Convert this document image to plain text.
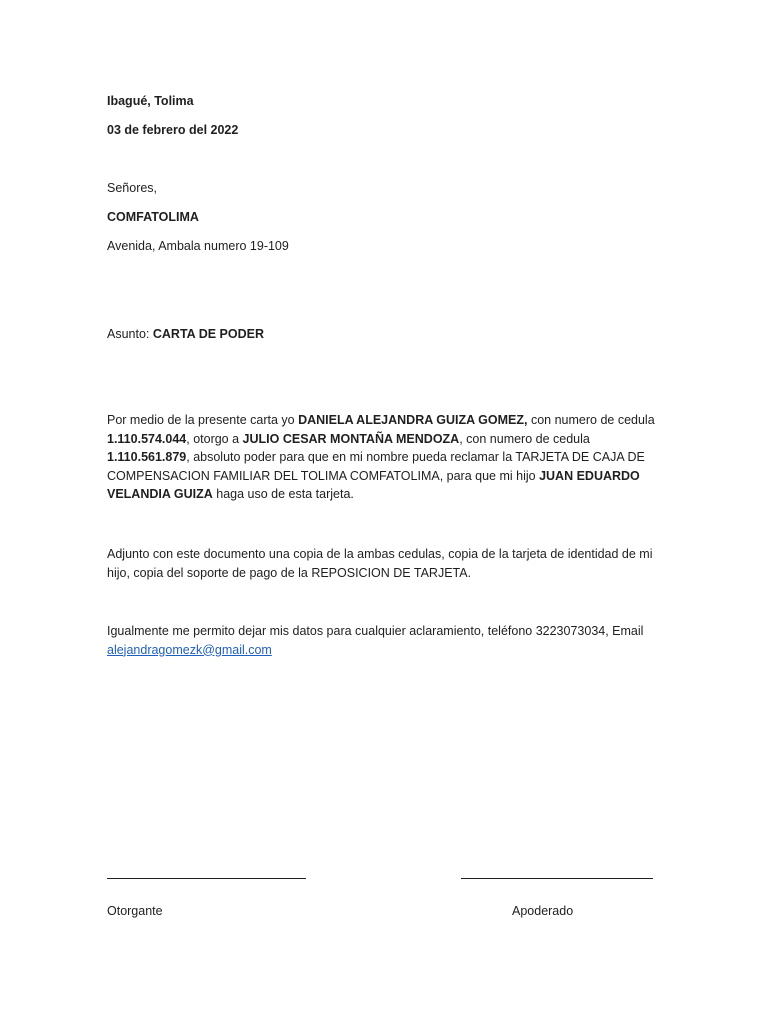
Ibagué, Tolima
03 de febrero del 2022
Señores,
COMFATOLIMA
Avenida, Ambala numero 19-109
Asunto: CARTA DE PODER
Por medio de la presente carta yo DANIELA ALEJANDRA GUIZA GOMEZ, con numero de cedula
1.110.574.044, otorgo a JULIO CESAR MONTAÑA MENDOZA, con numero de cedula
1.110.561.879, absoluto poder para que en mi nombre pueda reclamar la TARJETA DE CAJA DE
COMPENSACION FAMILIAR DEL TOLIMA COMFATOLIMA, para que mi hijo JUAN EDUARDO
VELANDIA GUIZA haga uso de esta tarjeta.
Adjunto con este documento una copia de la ambas cedulas, copia de la tarjeta de identidad de mi
hijo, copia del soporte de pago de la REPOSICION DE TARJETA.
Igualmente me permito dejar mis datos para cualquier aclaramiento, teléfono 3223073034, Email
alejandragomezk@gmail.com
Otorgante	Apoderado
